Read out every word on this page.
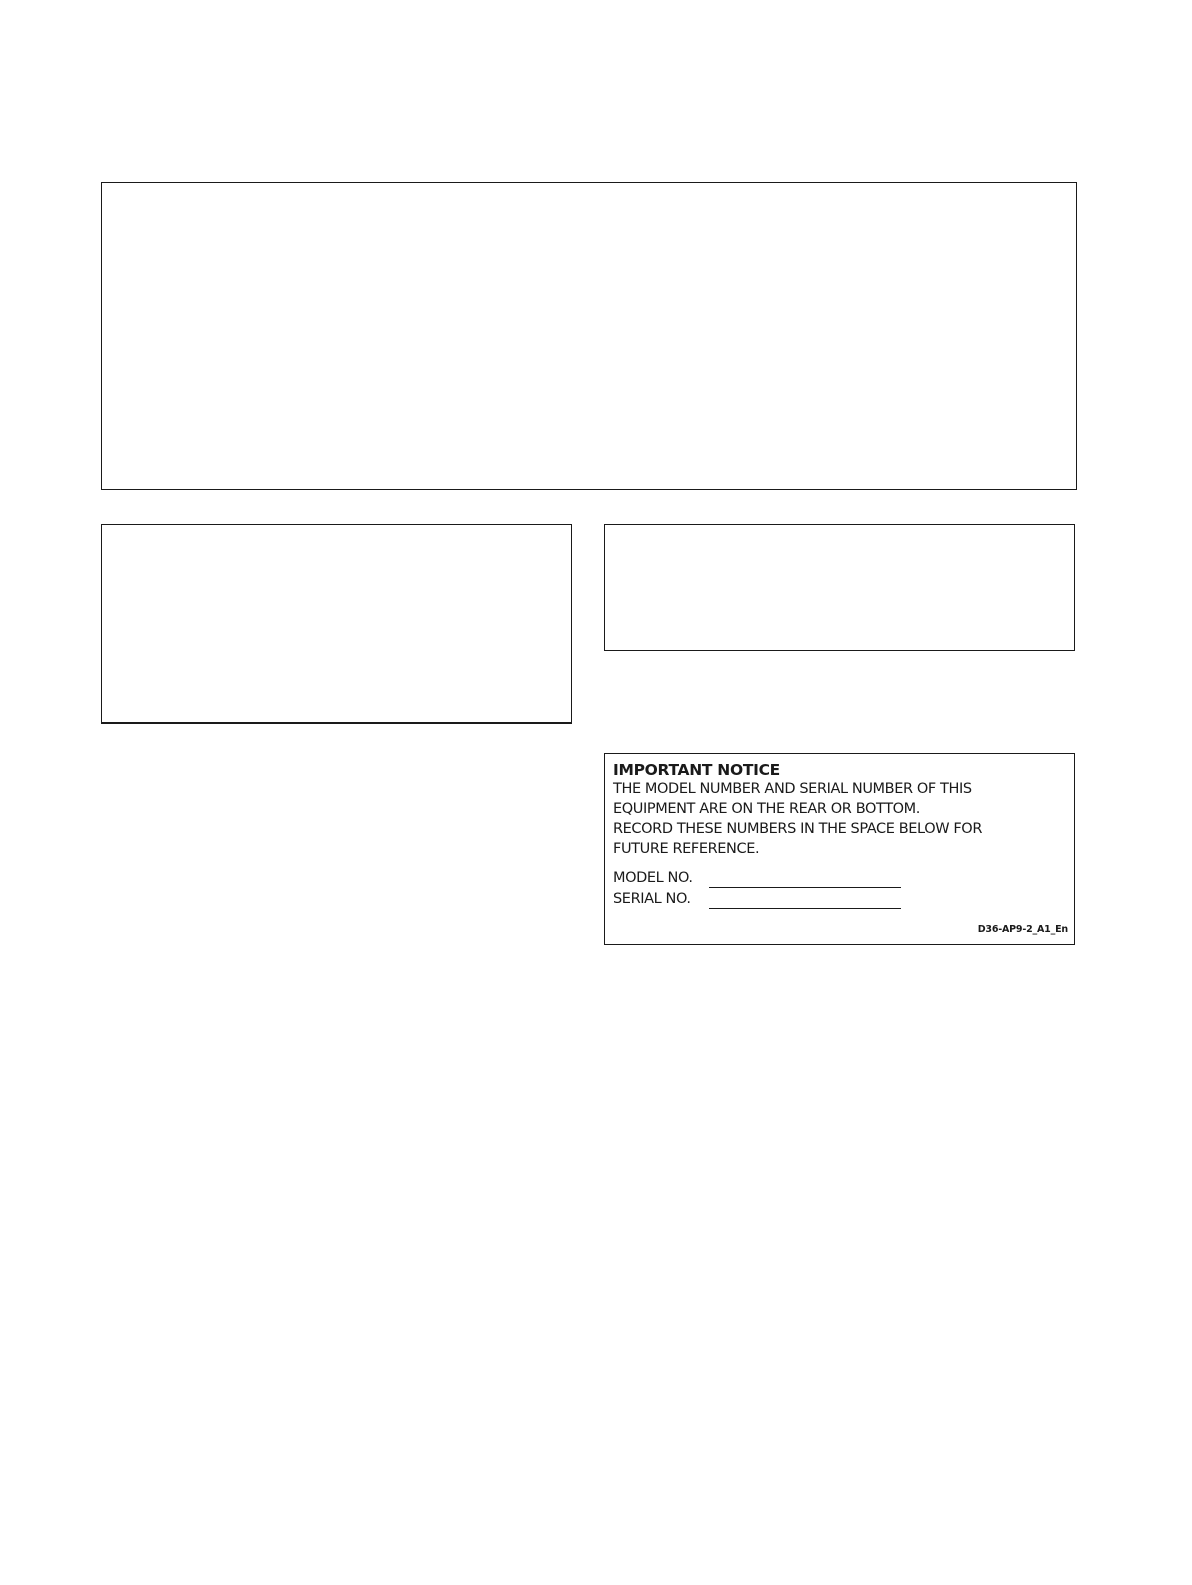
IMPORTANT NOTICE
THE MODEL NUMBER AND SERIAL NUMBER OF THIS
EQUIPMENT ARE ON THE REAR OR BOTTOM.
RECORD THESE NUMBERS IN THE SPACE BELOW FOR
FUTURE REFERENCE.
MODEL NO.
SERIAL NO.
D36-AP9-2_A1_En
